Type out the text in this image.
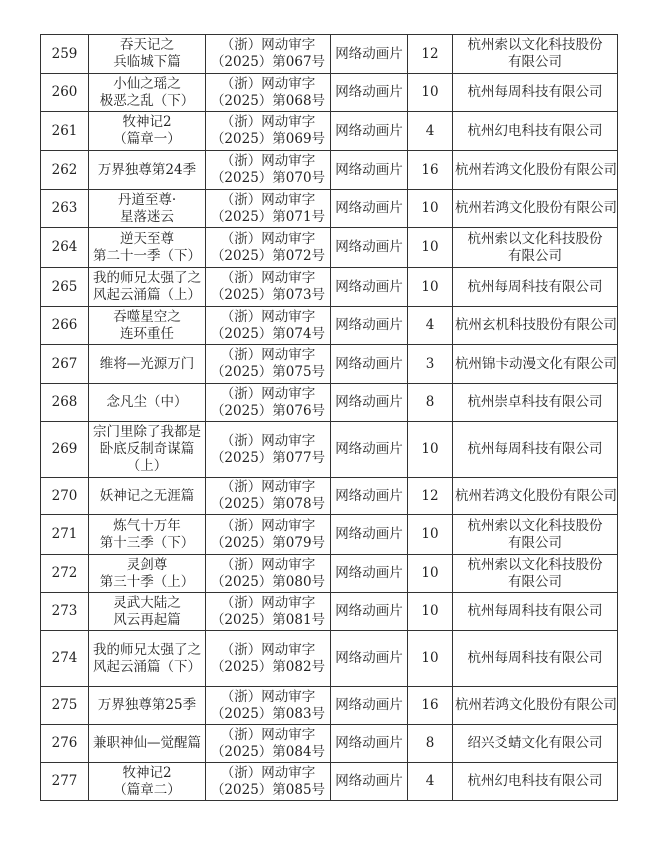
259	吞天记之
兵临城下篇	（浙）网动审字
（2025）第067号	网络动画片	12	杭州索以文化科技股份
有限公司

260	小仙之瑶之
极恶之乱（下）	（浙）网动审字
（2025）第068号	网络动画片	10	杭州每周科技有限公司

261	牧神记2
（篇章一）	（浙）网动审字
（2025）第069号	网络动画片	4	杭州幻电科技有限公司

262	万界独尊第24季	（浙）网动审字
（2025）第070号	网络动画片	16	杭州若鸿文化股份有限公司

263	丹道至尊·
星落迷云	（浙）网动审字
（2025）第071号	网络动画片	10	杭州若鸿文化股份有限公司

264	逆天至尊
第二十一季（下）	（浙）网动审字
（2025）第072号	网络动画片	10	杭州索以文化科技股份
有限公司

265	我的师兄太强了之
风起云涌篇（上）	（浙）网动审字
（2025）第073号	网络动画片	10	杭州每周科技有限公司

266	吞噬星空之
连环重任	（浙）网动审字
（2025）第074号	网络动画片	4	杭州玄机科技股份有限公司

267	维将—光源万门	（浙）网动审字
（2025）第075号	网络动画片	3	杭州锦卡动漫文化有限公司

268	念凡尘（中）	（浙）网动审字
（2025）第076号	网络动画片	8	杭州崇卓科技有限公司

269	宗门里除了我都是
卧底反制奇谋篇
（上）	（浙）网动审字
（2025）第077号	网络动画片	10	杭州每周科技有限公司

270	妖神记之无涯篇	（浙）网动审字
（2025）第078号	网络动画片	12	杭州若鸿文化股份有限公司

271	炼气十万年
第十三季（下）	（浙）网动审字
（2025）第079号	网络动画片	10	杭州索以文化科技股份
有限公司

272	灵剑尊
第三十季（上）	（浙）网动审字
（2025）第080号	网络动画片	10	杭州索以文化科技股份
有限公司

273	灵武大陆之
风云再起篇	（浙）网动审字
（2025）第081号	网络动画片	10	杭州每周科技有限公司

274	我的师兄太强了之
风起云涌篇（下）	（浙）网动审字
（2025）第082号	网络动画片	10	杭州每周科技有限公司

275	万界独尊第25季	（浙）网动审字
（2025）第083号	网络动画片	16	杭州若鸿文化股份有限公司

276	兼职神仙—觉醒篇	（浙）网动审字
（2025）第084号	网络动画片	8	绍兴爻蜻文化有限公司

277	牧神记2
（篇章二）	（浙）网动审字
（2025）第085号	网络动画片	4	杭州幻电科技有限公司
